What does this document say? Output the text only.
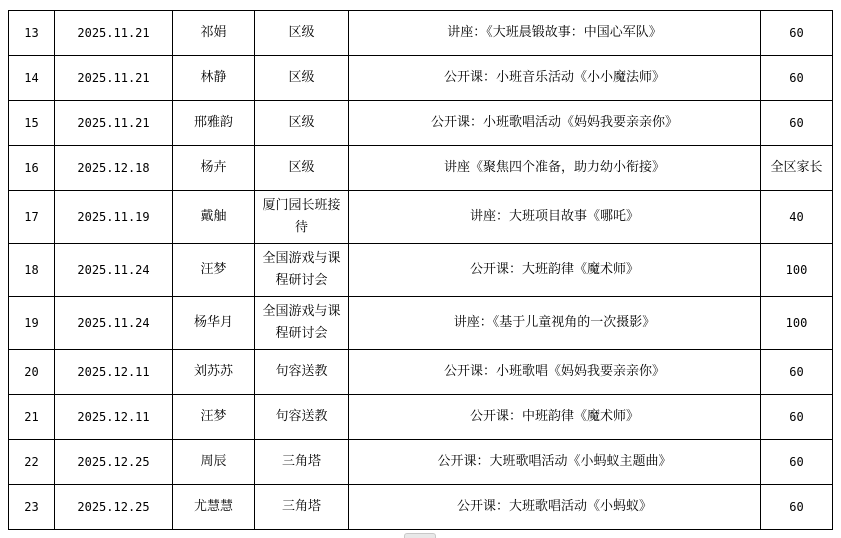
13	2025.11.21	祁娟	区级	讲座：《大班晨锻故事：中国心军队》	60
14	2025.11.21	林静	区级	公开课：小班音乐活动《小小魔法师》	60
15	2025.11.21	邢雅韵	区级	公开课：小班歌唱活动《妈妈我要亲亲你》	60
16	2025.12.18	杨卉	区级	讲座《聚焦四个准备，助力幼小衔接》	全区家长
17	2025.11.19	戴舳	厦门园长班接待	讲座：大班项目故事《哪吒》	40
18	2025.11.24	汪梦	全国游戏与课程研讨会	公开课：大班韵律《魔术师》	100
19	2025.11.24	杨华月	全国游戏与课程研讨会	讲座：《基于儿童视角的一次摄影》	100
20	2025.12.11	刘苏苏	句容送教	公开课：小班歌唱《妈妈我要亲亲你》	60
21	2025.12.11	汪梦	句容送教	公开课：中班韵律《魔术师》	60
22	2025.12.25	周辰	三角塔	公开课：大班歌唱活动《小蚂蚁主题曲》	60
23	2025.12.25	尤慧慧	三角塔	公开课：大班歌唱活动《小蚂蚁》	60
